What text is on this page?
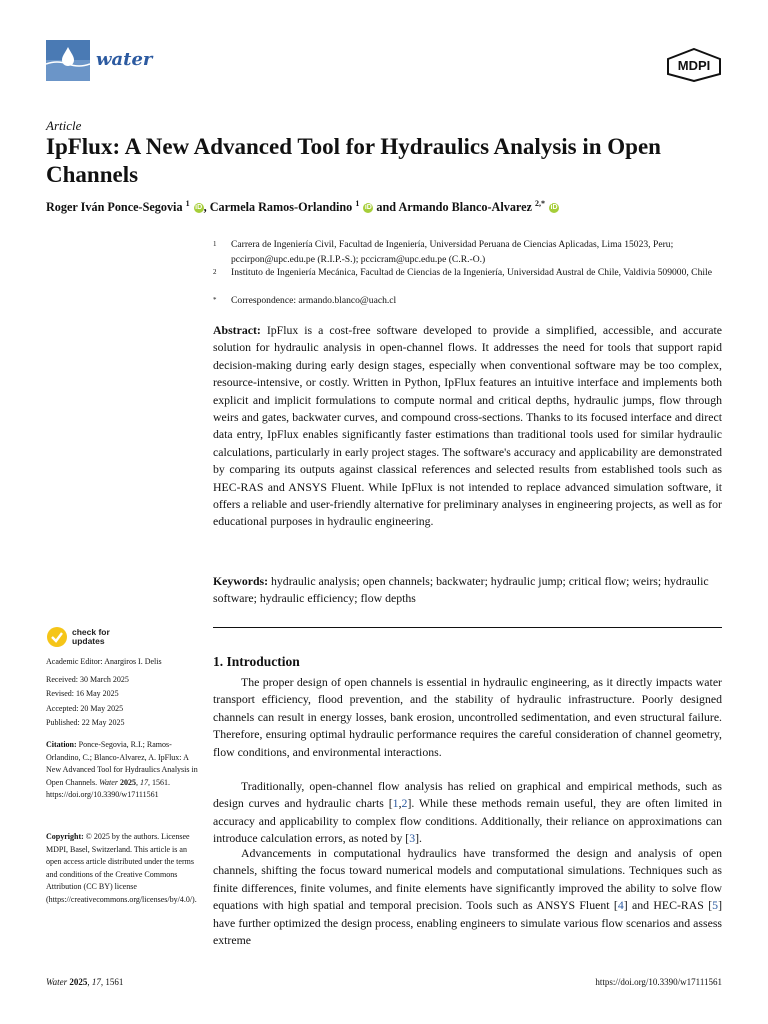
water	MDPI
Article
IpFlux: A New Advanced Tool for Hydraulics Analysis in Open Channels
Roger Iván Ponce-Segovia $^1$ iD , Carmela Ramos-Orlandino $^1$ iD and Armando Blanco-Alvarez $^{2,*}$ iD
1	Carrera de Ingeniería Civil, Facultad de Ingeniería, Universidad Peruana de Ciencias Aplicadas, Lima 15023, Peru; pccirpon@upc.edu.pe (R.I.P.-S.); pccicram@upc.edu.pe (C.R.-O.)
2	Instituto de Ingeniería Mecánica, Facultad de Ciencias de la Ingeniería, Universidad Austral de Chile, Valdivia 509000, Chile
*	Correspondence: armando.blanco@uach.cl
Abstract: IpFlux is a cost-free software developed to provide a simplified, accessible, and accurate solution for hydraulic analysis in open-channel flows. It addresses the need for tools that support rapid decision-making during early design stages, especially when conventional software may be too complex, resource-intensive, or costly. Written in Python, IpFlux features an intuitive interface and implements both explicit and implicit formulations to compute normal and critical depths, hydraulic jumps, flow through weirs and gates, backwater curves, and compound cross-sections. Thanks to its focused interface and direct data entry, IpFlux enables significantly faster estimations than traditional tools used for similar hydraulic calculations, particularly in early project stages. The software's accuracy and applicability are demonstrated by comparing its outputs against classical references and selected results from established tools such as HEC-RAS and ANSYS Fluent. While IpFlux is not intended to replace advanced simulation software, it offers a reliable and user-friendly alternative for preliminary analyses in engineering projects, as well as for educational purposes in hydraulic engineering.
Keywords: hydraulic analysis; open channels; backwater; hydraulic jump; critical flow; weirs; hydraulic software; hydraulic efficiency; flow depths
check for
updates
Academic Editor: Anargiros I. Delis
Received: 30 March 2025
Revised: 16 May 2025
Accepted: 20 May 2025
Published: 22 May 2025
Citation: Ponce-Segovia, R.I.; Ramos-Orlandino, C.; Blanco-Alvarez, A. IpFlux: A New Advanced Tool for Hydraulics Analysis in Open Channels. Water 2025, 17, 1561. https://doi.org/10.3390/w17111561
Copyright: © 2025 by the authors. Licensee MDPI, Basel, Switzerland. This article is an open access article distributed under the terms and conditions of the Creative Commons Attribution (CC BY) license (https://creativecommons.org/licenses/by/4.0/).
1. Introduction
The proper design of open channels is essential in hydraulic engineering, as it directly impacts water transport efficiency, flood prevention, and the stability of hydraulic infrastructure. Poorly designed channels can result in energy losses, bank erosion, uncontrolled sedimentation, and even structural failure. Therefore, ensuring optimal hydraulic performance requires the careful consideration of channel geometry, flow conditions, and environmental interactions.
Traditionally, open-channel flow analysis has relied on graphical and empirical methods, such as design curves and hydraulic charts [1,2]. While these methods remain useful, they are often limited in accuracy and applicability to complex flow conditions. Additionally, their reliance on approximations can introduce calculation errors, as noted by [3].
Advancements in computational hydraulics have transformed the design and analysis of open channels, shifting the focus toward numerical models and computational simulations. Techniques such as finite differences, finite volumes, and finite elements have significantly improved the ability to solve flow equations with high spatial and temporal precision. Tools such as ANSYS Fluent [4] and HEC-RAS [5] have further optimized the design process, enabling engineers to simulate various flow scenarios and assess extreme
Water 2025, 17, 1561	https://doi.org/10.3390/w17111561
